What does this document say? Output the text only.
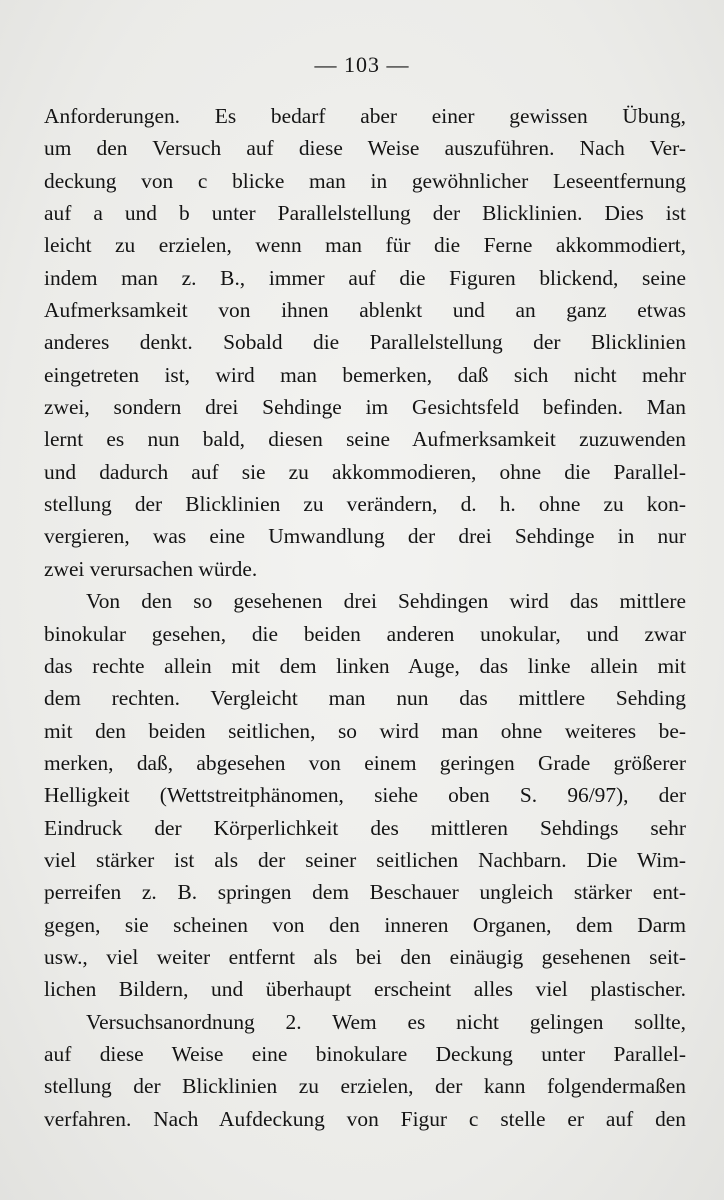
— 103 —
Anforderungen. Es bedarf aber einer gewissen Übung,
um den Versuch auf diese Weise auszuführen. Nach Ver-
deckung von c blicke man in gewöhnlicher Leseentfernung
auf a und b unter Parallelstellung der Blicklinien. Dies ist
leicht zu erzielen, wenn man für die Ferne akkommodiert,
indem man z. B., immer auf die Figuren blickend, seine
Aufmerksamkeit von ihnen ablenkt und an ganz etwas
anderes denkt. Sobald die Parallelstellung der Blicklinien
eingetreten ist, wird man bemerken, daß sich nicht mehr
zwei, sondern drei Sehdinge im Gesichtsfeld befinden. Man
lernt es nun bald, diesen seine Aufmerksamkeit zuzuwenden
und dadurch auf sie zu akkommodieren, ohne die Parallel-
stellung der Blicklinien zu verändern, d. h. ohne zu kon-
vergieren, was eine Umwandlung der drei Sehdinge in nur
zwei verursachen würde.
Von den so gesehenen drei Sehdingen wird das mittlere
binokular gesehen, die beiden anderen unokular, und zwar
das rechte allein mit dem linken Auge, das linke allein mit
dem rechten. Vergleicht man nun das mittlere Sehding
mit den beiden seitlichen, so wird man ohne weiteres be-
merken, daß, abgesehen von einem geringen Grade größerer
Helligkeit (Wettstreitphänomen, siehe oben S. 96/97), der
Eindruck der Körperlichkeit des mittleren Sehdings sehr
viel stärker ist als der seiner seitlichen Nachbarn. Die Wim-
perreifen z. B. springen dem Beschauer ungleich stärker ent-
gegen, sie scheinen von den inneren Organen, dem Darm
usw., viel weiter entfernt als bei den einäugig gesehenen seit-
lichen Bildern, und überhaupt erscheint alles viel plastischer.
Versuchsanordnung 2. Wem es nicht gelingen sollte,
auf diese Weise eine binokulare Deckung unter Parallel-
stellung der Blicklinien zu erzielen, der kann folgendermaßen
verfahren. Nach Aufdeckung von Figur c stelle er auf den
